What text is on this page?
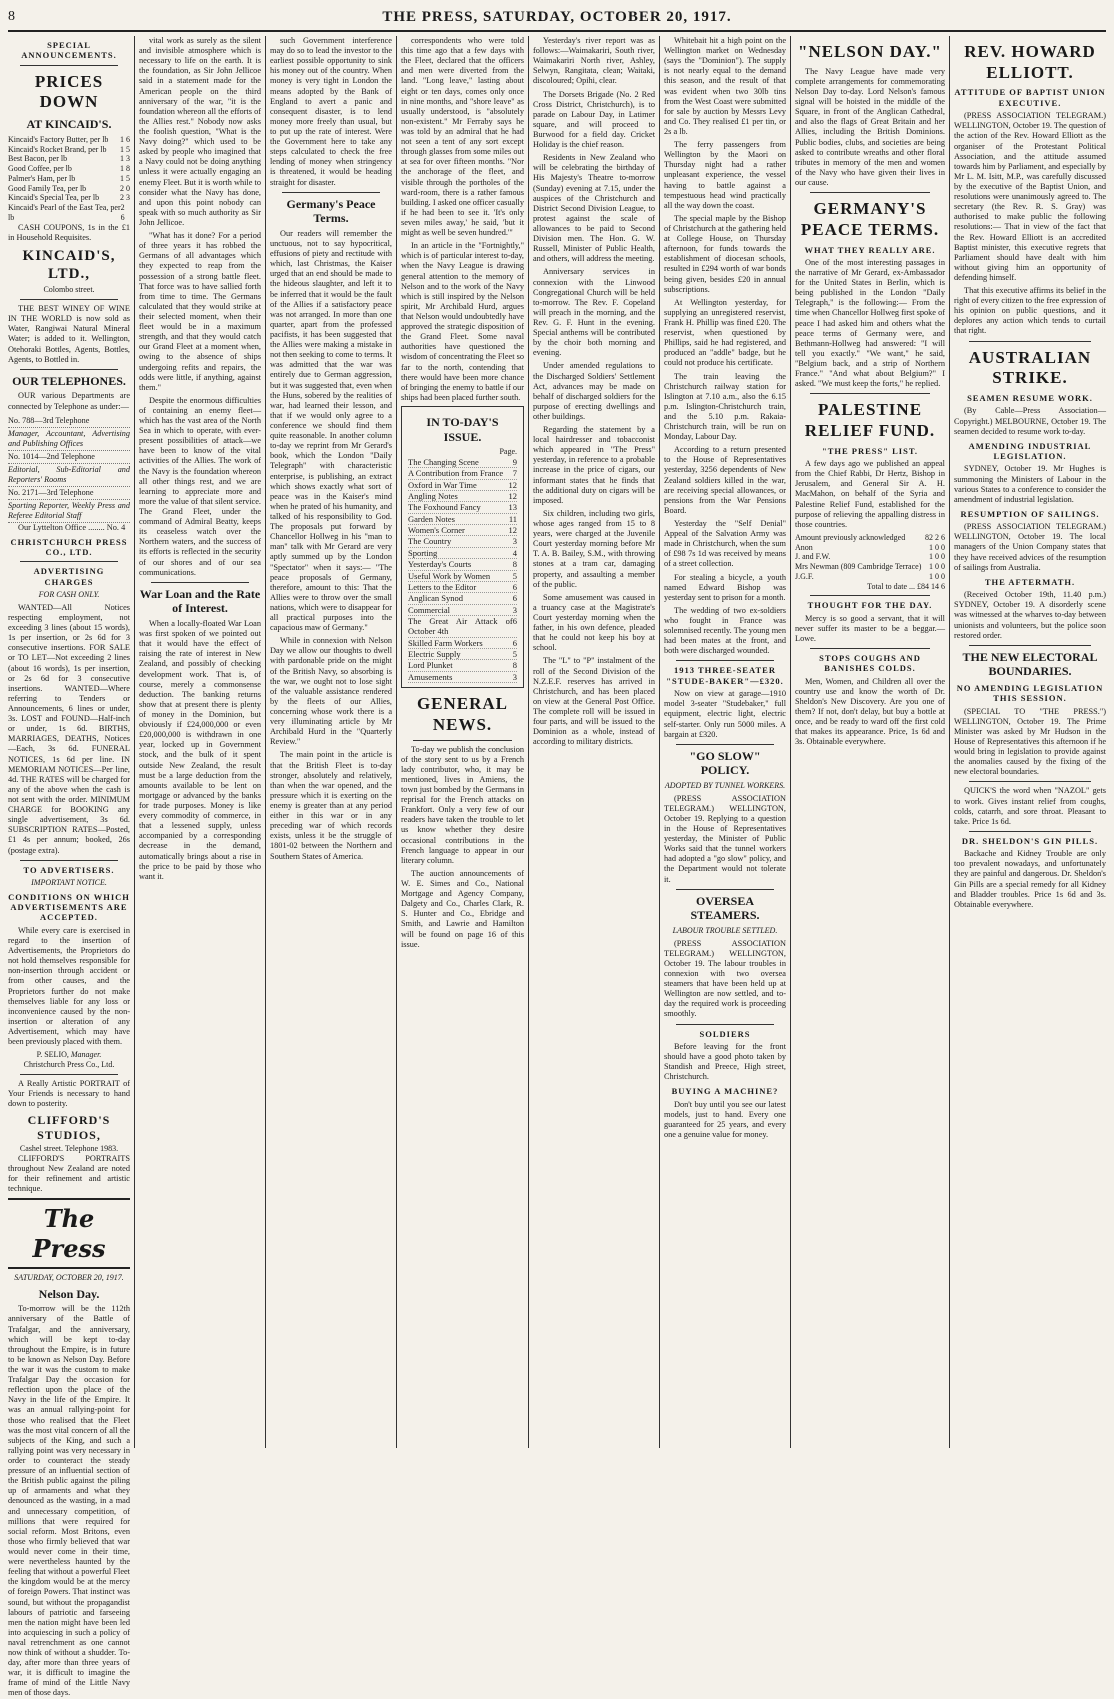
8	THE PRESS, SATURDAY, OCTOBER 20, 1917.
SPECIAL ANNOUNCEMENTS.
PRICES DOWN
AT KINCAID'S.
Kincaid's Factory Butter, per lb 1 6
Kincaid's Rocket Brand, per lb 1 5
Best Bacon, per lb	1 3
Good Coffee, per lb	1 8
Palmer's Ham, per lb	1 5
Good Family Tea, per lb	2 0
Kincaid's Special Tea, per lb	2 3
Kincaid's Pearl of the East Tea, per lb
2 6

CASH COUPONS, 1s in the £1 in Household Requisites.

KINCAID'S, LTD.,
Colombo street.

THE BEST WINEY OF WINE IN THE WORLD is now sold as Water, Rangiwai Natural Mineral Water; is added to it. Wellington, Otehoraki Bottles, Agents, Bottles, Agents, to Bottled in.

OUR TELEPHONES.

OUR various Departments are connected by Telephone as under:—

No. 788—3rd Telephone
Manager, Accountant, Advertising and Publishing Offices
No. 1014—2nd Telephone
Editorial, Sub-Editorial and Reporters' Rooms
No. 2171—3rd Telephone
Sporting Reporter, Weekly Press and Referee Editorial Staff

Our Lyttelton Office ........ No. 4

CHRISTCHURCH PRESS CO., LTD.
ADVERTISING CHARGES
FOR CASH ONLY.

WANTED—All Notices respecting employment, not exceeding 3 lines (about 15 words), 1s per insertion, or 2s 6d for 3 consecutive insertions. FOR SALE or TO LET—Not exceeding 2 lines (about 16 words), 1s per insertion, or 2s 6d for 3 consecutive insertions. WANTED—Where referring to Tenders or Announcements, 6 lines or under, 3s. LOST and FOUND—Half-inch or under, 1s 6d. BIRTHS, MARRIAGES, DEATHS, Notices—Each, 3s 6d. FUNERAL NOTICES, 1s 6d per line. IN MEMORIAM NOTICES—Per line, 4d. THE RATES will be charged for any of the above when the cash is not sent with the order. MINIMUM CHARGE for BOOKING any single advertisement, 3s 6d. SUBSCRIPTION RATES—Posted, £1 4s per annum; booked, 26s (postage extra).

TO ADVERTISERS.
IMPORTANT NOTICE.
CONDITIONS ON WHICH ADVERTISEMENTS ARE ACCEPTED.

While every care is exercised in regard to the insertion of Advertisements, the Proprietors do not hold themselves responsible for non-insertion through accident or from other causes, and the Proprietors further do not make themselves liable for any loss or inconvenience caused by the non-insertion or alteration of any Advertisement, which may have been previously placed with them.

P. SELIO, Manager.
Christchurch Press Co., Ltd.

A Really Artistic PORTRAIT of Your Friends is necessary to hand down to posterity.

CLIFFORD'S STUDIOS,
Cashel street. Telephone 1983.

CLIFFORD'S PORTRAITS throughout New Zealand are noted for their refinement and artistic technique.

The Press
SATURDAY, OCTOBER 20, 1917.
Nelson Day.

To-morrow will be the 112th anniversary of the Battle of Trafalgar, and the anniversary, which will be kept to-day throughout the Empire, is in future to be known as Nelson Day. Before the war it was the custom to make Trafalgar Day the occasion for reflection upon the place of the Navy in the life of the Empire. It was an annual rallying-point for those who realised that the Fleet was the most vital concern of all the subjects of the King, and such a rallying point was very necessary in order to counteract the steady pressure of an influential section of the British public against the piling up of armaments and what they denounced as the wasting, in a mad and unnecessary competition, of millions that were required for social reform. Most Britons, even those who firmly believed that war would never come in their time, were nevertheless haunted by the feeling that without a powerful Fleet the kingdom would be at the mercy of foreign Powers. That instinct was sound, but without the propagandist labours of patriotic and farseeing men the nation might have been led into acquiescing in such a policy of naval retrenchment as one cannot now think of without a shudder. To-day, after more than three years of war, it is difficult to imagine the frame of mind of the Little Navy men of those days.

vital work as surely as the silent and invisible atmosphere which is necessary to life on the earth. It is the foundation, as Sir John Jellicoe said in a statement made for the American people on the third anniversary of the war, "it is the foundation whereon all the efforts of the Allies rest." Nobody now asks the foolish question, "What is the Navy doing?" which used to be asked by people who imagined that a Navy could not be doing anything unless it were actually engaging an enemy Fleet. But it is worth while to consider what the Navy has done, and upon this point nobody can speak with so much authority as Sir John Jellicoe.

"What has it done? For a period of three years it has robbed the Germans of all advantages which they expected to reap from the possession of a strong battle fleet. That force was to have sallied forth from time to time. The Germans calculated that they would strike at their selected moment, when their fleet would be in a maximum strength, and that they would catch our Grand Fleet at a moment when, owing to the absence of ships undergoing refits and repairs, the odds were little, if anything, against them."

Despite the enormous difficulties of containing an enemy fleet—which has the vast area of the North Sea in which to operate, with ever-present possibilities of attack—we have been to know of the vital activities of the Allies. The work of the Navy is the foundation whereon all other things rest, and we are learning to appreciate more and more the value of that silent service. The Grand Fleet, under the command of Admiral Beatty, keeps its ceaseless watch over the Northern waters, and the success of its efforts is reflected in the security of our shores and of our sea communications.

War Loan and the Rate of Interest.

When a locally-floated War Loan was first spoken of we pointed out that it would have the effect of raising the rate of interest in New Zealand, and possibly of checking development work. That is, of course, merely a commonsense deduction. The banking returns show that at present there is plenty of money in the Dominion, but obviously if £24,000,000 or even £20,000,000 is withdrawn in one year, locked up in Government stock, and the bulk of it spent outside New Zealand, the result must be a large deduction from the amounts available to be lent on mortgage or advanced by the banks for trade purposes. Money is like every commodity of commerce, in that a lessened supply, unless accompanied by a corresponding decrease in the demand, automatically brings about a rise in the price to be paid by those who want it.

such Government interference may do so to lead the investor to the earliest possible opportunity to sink his money out of the country. When money is very tight in London the means adopted by the Bank of England to avert a panic and consequent disaster, is to lend money more freely than usual, but to put up the rate of interest. Were the Government here to take any steps calculated to check the free lending of money when stringency is threatened, it would be heading straight for disaster.

Germany's Peace Terms.

Our readers will remember the unctuous, not to say hypocritical, effusions of piety and rectitude with which, last Christmas, the Kaiser urged that an end should be made to the hideous slaughter, and left it to be inferred that it would be the fault of the Allies if a satisfactory peace was not arranged. In more than one quarter, apart from the professed pacifists, it has been suggested that the Allies were making a mistake in not then seeking to come to terms. It was admitted that the war was entirely due to German aggression, but it was suggested that, even when the Huns, sobered by the realities of war, had learned their lesson, and that if we would only agree to a conference we should find them quite reasonable. In another column to-day we reprint from Mr Gerard's book, which the London "Daily Telegraph" with characteristic enterprise, is publishing, an extract which shows exactly what sort of peace was in the Kaiser's mind when he prated of his humanity, and talked of his responsibility to God. The proposals put forward by Chancellor Hollweg in his "man to man" talk with Mr Gerard are very aptly summed up by the London "Spectator" when it says:— "The peace proposals of Germany, therefore, amount to this: That the Allies were to throw over the small nations, which were to disappear for all practical purposes into the capacious maw of Germany."

While in connexion with Nelson Day we allow our thoughts to dwell with pardonable pride on the might of the British Navy, so absorbing is the war, we ought not to lose sight of the valuable assistance rendered by the fleets of our Allies, concerning whose work there is a very illuminating article by Mr Archibald Hurd in the "Quarterly Review."

The main point in the article is that the British Fleet is to-day stronger, absolutely and relatively, than when the war opened, and the pressure which it is exerting on the enemy is greater than at any period either in this war or in any preceding war of which records exists, unless it be the struggle of 1801-02 between the Northern and Southern States of America.

correspondents who were told this time ago that a few days with the Fleet, declared that the officers and men were diverted from the land. "Long leave," lasting about eight or ten days, comes only once in nine months, and "shore leave" as usually understood, is "absolutely non-existent." Mr Ferraby says he was told by an admiral that he had not seen a tent of any sort except through glasses from some miles out at sea for over fifteen months. "Nor the anchorage of the fleet, and visible through the portholes of the ward-room, there is a rather famous building. I asked one officer casually if he had been to see it. 'It's only seven miles away,' he said, 'but it might as well be seven hundred.'"

In an article in the "Fortnightly," which is of particular interest to-day, when the Navy League is drawing general attention to the memory of Nelson and to the work of the Navy which is still inspired by the Nelson spirit, Mr Archibald Hurd, argues that Nelson would undoubtedly have approved the strategic disposition of the Grand Fleet. Some naval authorities have questioned the wisdom of concentrating the Fleet so far to the north, contending that there would have been more chance of bringing the enemy to battle if our ships had been placed further south.

IN TO-DAY'S ISSUE.
Page.
The Changing Scene	9
A Contribution from France 7
Oxford in War Time	12
Angling Notes	12
The Foxhound Fancy	13
Garden Notes	11
Women's Corner	12
The Country	3
Sporting	4
Yesterday's Courts	8
Useful Work by Women	5
Letters to the Editor	6
Anglican Synod	6
Commercial	3
The Great Air Attack of October 4th
6
Skilled Farm Workers	6
Electric Supply	5
Lord Plunket	8
Amusements	3
GENERAL NEWS.

To-day we publish the conclusion of the story sent to us by a French lady contributor, who, it may be mentioned, lives in Amiens, the town just bombed by the Germans in reprisal for the French attacks on Frankfort. Only a very few of our readers have taken the trouble to let us know whether they desire occasional contributions in the French language to appear in our literary column.

The auction announcements of W. E. Simes and Co., National Mortgage and Agency Company, Dalgety and Co., Charles Clark, R. S. Hunter and Co., Ebridge and Smith, and Lawrie and Hamilton will be found on page 16 of this issue.

Yesterday's river report was as follows:—Waimakariri, South river, Waimakariri North river, Ashley, Selwyn, Rangitata, clean; Waitaki, discoloured; Opihi, clear.

The Dorsets Brigade (No. 2 Red Cross District, Christchurch), is to parade on Labour Day, in Latimer square, and will proceed to Burwood for a field day. Cricket Holiday is the chief reason.

Residents in New Zealand who will be celebrating the birthday of His Majesty's Theatre to-morrow (Sunday) evening at 7.15, under the auspices of the Christchurch and District Second Division League, to protest against the scale of allowances to be paid to Second Division men. The Hon. G. W. Russell, Minister of Public Health, and others, will address the meeting.

Anniversary services in connexion with the Linwood Congregational Church will be held to-morrow. The Rev. F. Copeland will preach in the morning, and the Rev. G. F. Hunt in the evening. Special anthems will be contributed by the choir both morning and evening.

Under amended regulations to the Discharged Soldiers' Settlement Act, advances may be made on behalf of discharged soldiers for the purpose of erecting dwellings and other buildings.

Regarding the statement by a local hairdresser and tobacconist which appeared in "The Press" yesterday, in reference to a probable increase in the price of cigars, our informant states that he finds that the additional duty on cigars will be imposed.

Six children, including two girls, whose ages ranged from 15 to 8 years, were charged at the Juvenile Court yesterday morning before Mr T. A. B. Bailey, S.M., with throwing stones at a tram car, damaging property, and assaulting a member of the public.

Some amusement was caused in a truancy case at the Magistrate's Court yesterday morning when the father, in his own defence, pleaded that he could not keep his boy at school.

The "L" to "P" instalment of the roll of the Second Division of the N.Z.E.F. reserves has arrived in Christchurch, and has been placed on view at the General Post Office. The complete roll will be issued in four parts, and will be issued to the Dominion as a whole, instead of according to military districts.

Whitebait hit a high point on the Wellington market on Wednesday (says the "Dominion"). The supply is not nearly equal to the demand this season, and the result of that was evident when two 30lb tins from the West Coast were submitted for sale by auction by Messrs Levy and Co. They realised £1 per tin, or 2s a lb.

The ferry passengers from Wellington by the Maori on Thursday night had a rather unpleasant experience, the vessel having to battle against a tempestuous head wind practically all the way down the coast.

The special maple by the Bishop of Christchurch at the gathering held at College House, on Thursday afternoon, for funds towards the establishment of diocesan schools, resulted in £294 worth of war bonds being given, besides £20 in annual subscriptions.

At Wellington yesterday, for supplying an unregistered reservist, Frank H. Phillip was fined £20. The reservist, when questioned by Phillips, said he had registered, and produced an "addle" badge, but he could not produce his certificate.

The train leaving the Christchurch railway station for Islington at 7.10 a.m., also the 6.15 p.m. Islington-Christchurch train, and the 5.10 p.m. Rakaia-Christchurch train, will be run on Monday, Labour Day.

According to a return presented to the House of Representatives yesterday, 3256 dependents of New Zealand soldiers killed in the war, are receiving special allowances, or pensions from the War Pensions Board.

Yesterday the "Self Denial" Appeal of the Salvation Army was made in Christchurch, when the sum of £98 7s 1d was received by means of a street collection.

For stealing a bicycle, a youth named Edward Bishop was yesterday sent to prison for a month.

The wedding of two ex-soldiers who fought in France was solemnised recently. The young men had been mates at the front, and both were discharged wounded.

1913 THREE-SEATER "STUDE-BAKER"—£320.

Now on view at garage—1910 model 3-seater "Studebaker," full equipment, electric light, electric self-starter. Only run 5000 miles. A bargain at £320.

"GO SLOW" POLICY.
ADOPTED BY TUNNEL WORKERS.

(PRESS ASSOCIATION TELEGRAM.) WELLINGTON, October 19. Replying to a question in the House of Representatives yesterday, the Minister of Public Works said that the tunnel workers had adopted a "go slow" policy, and the Department would not tolerate it.

OVERSEA STEAMERS.
LABOUR TROUBLE SETTLED.

(PRESS ASSOCIATION TELEGRAM.) WELLINGTON, October 19. The labour troubles in connexion with two oversea steamers that have been held up at Wellington are now settled, and to-day the required work is proceeding smoothly.

SOLDIERS

Before leaving for the front should have a good photo taken by Standish and Preece, High street, Christchurch.

BUYING A MACHINE?

Don't buy until you see our latest models, just to hand. Every one guaranteed for 25 years, and every one a genuine value for money.

"NELSON DAY."

The Navy League have made very complete arrangements for commemorating Nelson Day to-day. Lord Nelson's famous signal will be hoisted in the middle of the Square, in front of the Anglican Cathedral, and also the flags of Great Britain and her Allies, including the British Dominions. Public bodies, clubs, and societies are being asked to contribute wreaths and other floral tributes in memory of the men and women of the Navy who have given their lives in our cause.

GERMANY'S PEACE TERMS.
WHAT THEY REALLY ARE.

One of the most interesting passages in the narrative of Mr Gerard, ex-Ambassador for the United States in Berlin, which is being published in the London "Daily Telegraph," is the following:— From the time when Chancellor Hollweg first spoke of peace I had asked him and others what the peace terms of Germany were, and Bethmann-Hollweg had answered: "I will tell you exactly." "We want," he said, "Belgium back, and a strip of Northern France." "And what about Belgium?" I asked. "We must keep the forts," he replied.

PALESTINE RELIEF FUND.
"THE PRESS" LIST.

A few days ago we published an appeal from the Chief Rabbi, Dr Hertz, Bishop in Jerusalem, and General Sir A. H. MacMahon, on behalf of the Syria and Palestine Relief Fund, established for the purpose of relieving the appalling distress in those countries.

Amount previously acknowledged 82 2 6
Anon	1 0 0
J. and F.W.	1 0 0
Mrs Newman (809 Cambridge Terrace) 1 0 0
J.G.F.	1 0 0
Total to date ... £84 14 6
THOUGHT FOR THE DAY.

Mercy is so good a servant, that it will never suffer its master to be a beggar.—Lowe.

STOPS COUGHS AND BANISHES COLDS.

Men, Women, and Children all over the country use and know the worth of Dr. Sheldon's New Discovery. Are you one of them? If not, don't delay, but buy a bottle at once, and be ready to ward off the first cold that makes its appearance. Price, 1s 6d and 3s. Obtainable everywhere.

REV. HOWARD ELLIOTT.
ATTITUDE OF BAPTIST UNION EXECUTIVE.

(PRESS ASSOCIATION TELEGRAM.) WELLINGTON, October 19. The question of the action of the Rev. Howard Elliott as the organiser of the Protestant Political Association, and the attitude assumed towards him by Parliament, and especially by Mr L. M. Isitt, M.P., was carefully discussed by the executive of the Baptist Union, and resolutions were unanimously agreed to. The secretary (the Rev. R. S. Gray) was authorised to make public the following resolutions:— That in view of the fact that the Rev. Howard Elliott is an accredited Baptist minister, this executive regrets that Parliament should have dealt with him without giving him an opportunity of defending himself.

That this executive affirms its belief in the right of every citizen to the free expression of his opinion on public questions, and it deplores any action which tends to curtail that right.

AUSTRALIAN STRIKE.
SEAMEN RESUME WORK.

(By Cable—Press Association—Copyright.) MELBOURNE, October 19. The seamen decided to resume work to-day.

AMENDING INDUSTRIAL LEGISLATION.

SYDNEY, October 19. Mr Hughes is summoning the Ministers of Labour in the various States to a conference to consider the amendment of industrial legislation.

RESUMPTION OF SAILINGS.

(PRESS ASSOCIATION TELEGRAM.) WELLINGTON, October 19. The local managers of the Union Company states that they have received advices of the resumption of sailings from Australia.

THE AFTERMATH.

(Received October 19th, 11.40 p.m.) SYDNEY, October 19. A disorderly scene was witnessed at the wharves to-day between unionists and volunteers, but the police soon restored order.

THE NEW ELECTORAL BOUNDARIES.
NO AMENDING LEGISLATION THIS SESSION.

(SPECIAL TO "THE PRESS.") WELLINGTON, October 19. The Prime Minister was asked by Mr Hudson in the House of Representatives this afternoon if he would bring in legislation to provide against the anomalies caused by the fixing of the new electoral boundaries.

QUICK'S the word when "NAZOL" gets to work. Gives instant relief from coughs, colds, catarrh, and sore throat. Pleasant to take. Price 1s 6d.

DR. SHELDON'S GIN PILLS.

Backache and Kidney Trouble are only too prevalent nowadays, and unfortunately they are painful and dangerous. Dr. Sheldon's Gin Pills are a special remedy for all Kidney and Bladder troubles. Price 1s 6d and 3s. Obtainable everywhere.
